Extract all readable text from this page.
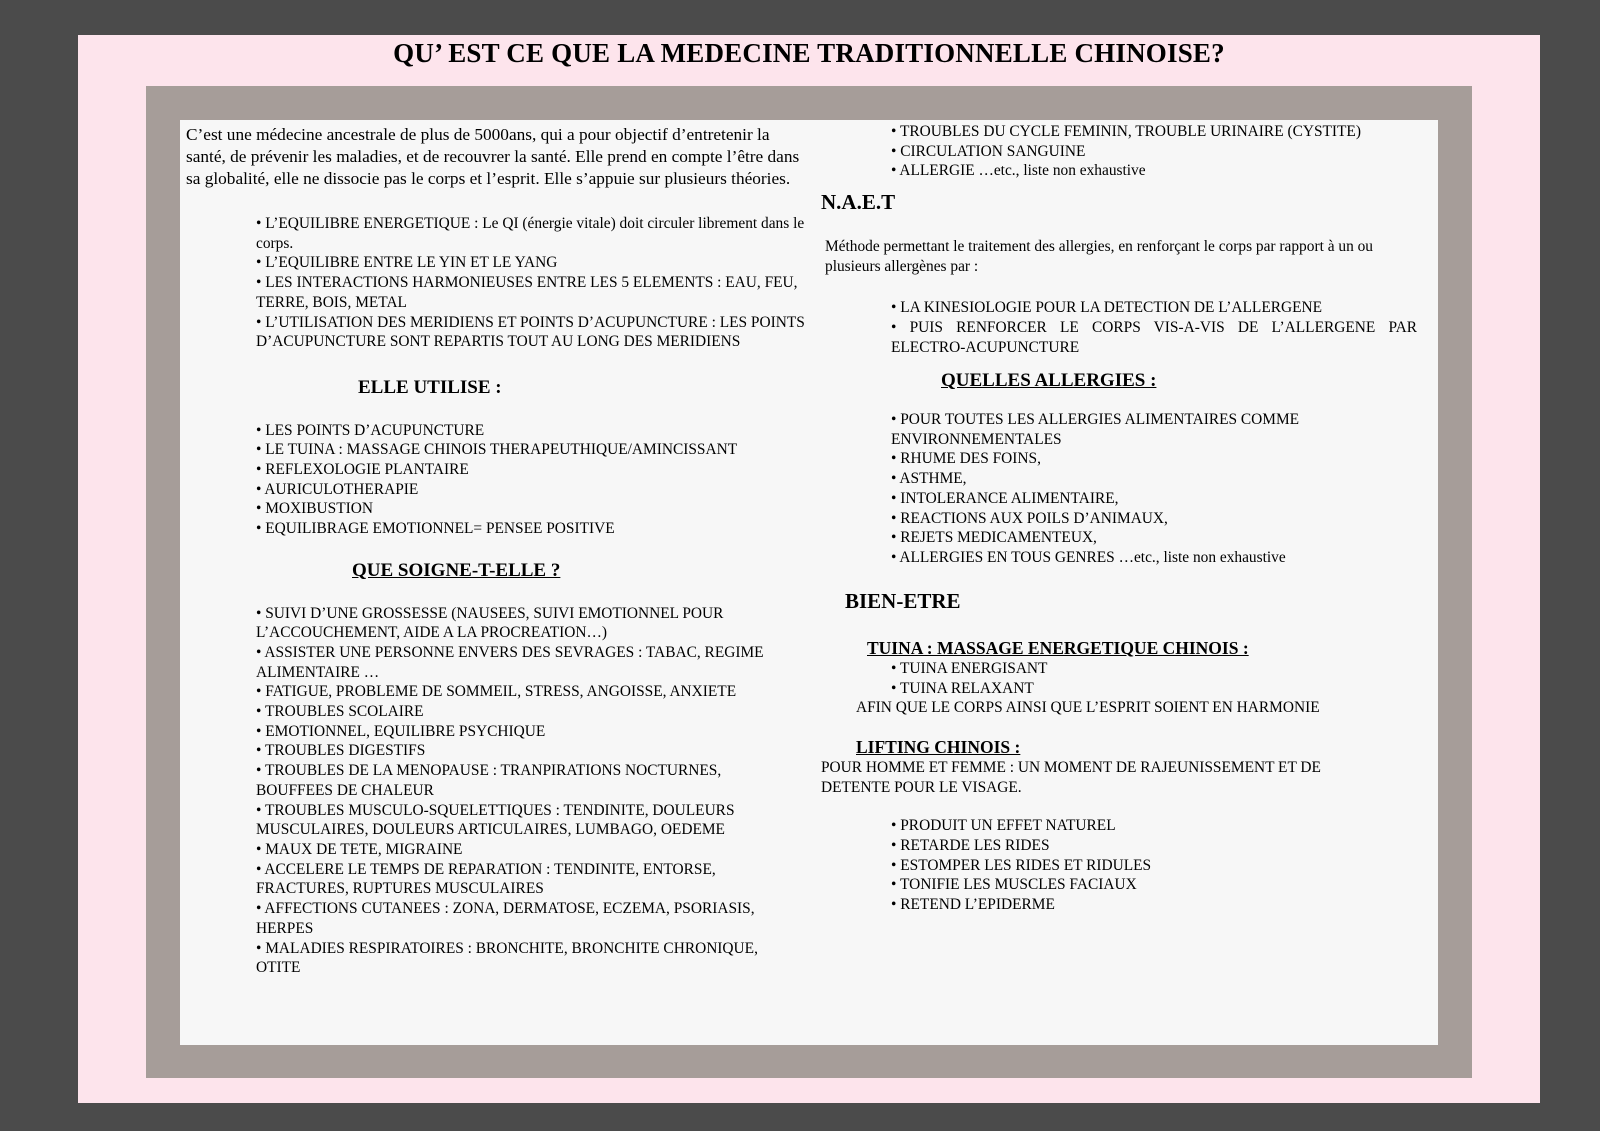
QU’ EST CE QUE LA MEDECINE TRADITIONNELLE CHINOISE?

C’est une médecine ancestrale de plus de 5000ans, qui a pour objectif d’entretenir la santé, de prévenir les maladies, et de recouvrer la santé. Elle prend en compte l’être dans sa globalité, elle ne dissocie pas le corps et l’esprit. Elle s’appuie sur plusieurs théories.

• L’EQUILIBRE ENERGETIQUE : Le QI (énergie vitale) doit circuler librement dans le corps.
• L’EQUILIBRE ENTRE LE YIN ET LE YANG
• LES INTERACTIONS HARMONIEUSES ENTRE LES 5 ELEMENTS : EAU, FEU, TERRE, BOIS, METAL
• L’UTILISATION DES MERIDIENS ET POINTS D’ACUPUNCTURE : LES POINTS D’ACUPUNCTURE SONT REPARTIS TOUT AU LONG DES MERIDIENS
ELLE UTILISE :
• LES POINTS D’ACUPUNCTURE
• LE TUINA : MASSAGE CHINOIS THERAPEUTHIQUE/AMINCISSANT
• REFLEXOLOGIE PLANTAIRE
• AURICULOTHERAPIE
• MOXIBUSTION
• EQUILIBRAGE EMOTIONNEL= PENSEE POSITIVE
QUE SOIGNE-T-ELLE ?
• SUIVI D’UNE GROSSESSE (NAUSEES, SUIVI EMOTIONNEL POUR L’ACCOUCHEMENT, AIDE A LA PROCREATION…)
• ASSISTER UNE PERSONNE ENVERS DES SEVRAGES : TABAC, REGIME ALIMENTAIRE …
• FATIGUE, PROBLEME DE SOMMEIL, STRESS, ANGOISSE, ANXIETE
• TROUBLES SCOLAIRE
• EMOTIONNEL, EQUILIBRE PSYCHIQUE
• TROUBLES DIGESTIFS
• TROUBLES DE LA MENOPAUSE : TRANPIRATIONS NOCTURNES, BOUFFEES DE CHALEUR
• TROUBLES MUSCULO-SQUELETTIQUES : TENDINITE, DOULEURS MUSCULAIRES, DOULEURS ARTICULAIRES, LUMBAGO, OEDEME
• MAUX DE TETE, MIGRAINE
• ACCELERE LE TEMPS DE REPARATION : TENDINITE, ENTORSE, FRACTURES, RUPTURES MUSCULAIRES
• AFFECTIONS CUTANEES : ZONA, DERMATOSE, ECZEMA, PSORIASIS, HERPES
• MALADIES RESPIRATOIRES : BRONCHITE, BRONCHITE CHRONIQUE, OTITE
• TROUBLES DU CYCLE FEMININ, TROUBLE URINAIRE (CYSTITE)
• CIRCULATION SANGUINE
• ALLERGIE …etc., liste non exhaustive
N.A.E.T

Méthode permettant le traitement des allergies, en renforçant le corps par rapport à un ou plusieurs allergènes par :

• LA KINESIOLOGIE POUR LA DETECTION DE L’ALLERGENE
• PUIS RENFORCER LE CORPS VIS-A-VIS DE L’ALLERGENE PAR ELECTRO-ACUPUNCTURE
QUELLES ALLERGIES :
• POUR TOUTES LES ALLERGIES ALIMENTAIRES COMME ENVIRONNEMENTALES
• RHUME DES FOINS,
• ASTHME,
• INTOLERANCE ALIMENTAIRE,
• REACTIONS AUX POILS D’ANIMAUX,
• REJETS MEDICAMENTEUX,
• ALLERGIES EN TOUS GENRES …etc., liste non exhaustive
BIEN-ETRE
TUINA : MASSAGE ENERGETIQUE CHINOIS :
• TUINA ENERGISANT
• TUINA RELAXANT

AFIN QUE LE CORPS AINSI QUE L’ESPRIT SOIENT EN HARMONIE

LIFTING CHINOIS :

POUR HOMME ET FEMME : UN MOMENT DE RAJEUNISSEMENT ET DE DETENTE POUR LE VISAGE.

• PRODUIT UN EFFET NATUREL
• RETARDE LES RIDES
• ESTOMPER LES RIDES ET RIDULES
• TONIFIE LES MUSCLES FACIAUX
• RETEND L’EPIDERME
